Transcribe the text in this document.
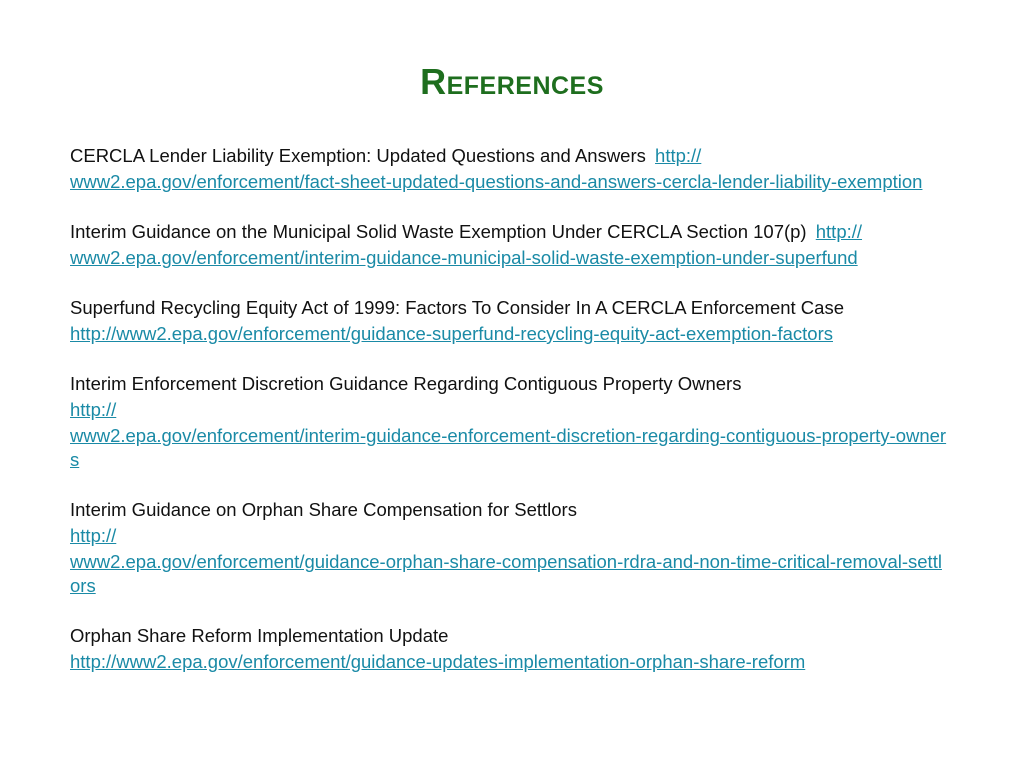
References

CERCLA Lender Liability Exemption: Updated Questions and Answers http://
www2.epa.gov/enforcement/fact-sheet-updated-questions-and-answers-cercla-lender-liability-exemption

Interim Guidance on the Municipal Solid Waste Exemption Under CERCLA Section 107(p) http://
www2.epa.gov/enforcement/interim-guidance-municipal-solid-waste-exemption-under-superfund

Superfund Recycling Equity Act of 1999: Factors To Consider In A CERCLA Enforcement Case
http://www2.epa.gov/enforcement/guidance-superfund-recycling-equity-act-exemption-factors

Interim Enforcement Discretion Guidance Regarding Contiguous Property Owners
http://
www2.epa.gov/enforcement/interim-guidance-enforcement-discretion-regarding-contiguous-property-owners

Interim Guidance on Orphan Share Compensation for Settlors
http://
www2.epa.gov/enforcement/guidance-orphan-share-compensation-rdra-and-non-time-critical-removal-settlors

Orphan Share Reform Implementation Update
http://www2.epa.gov/enforcement/guidance-updates-implementation-orphan-share-reform
